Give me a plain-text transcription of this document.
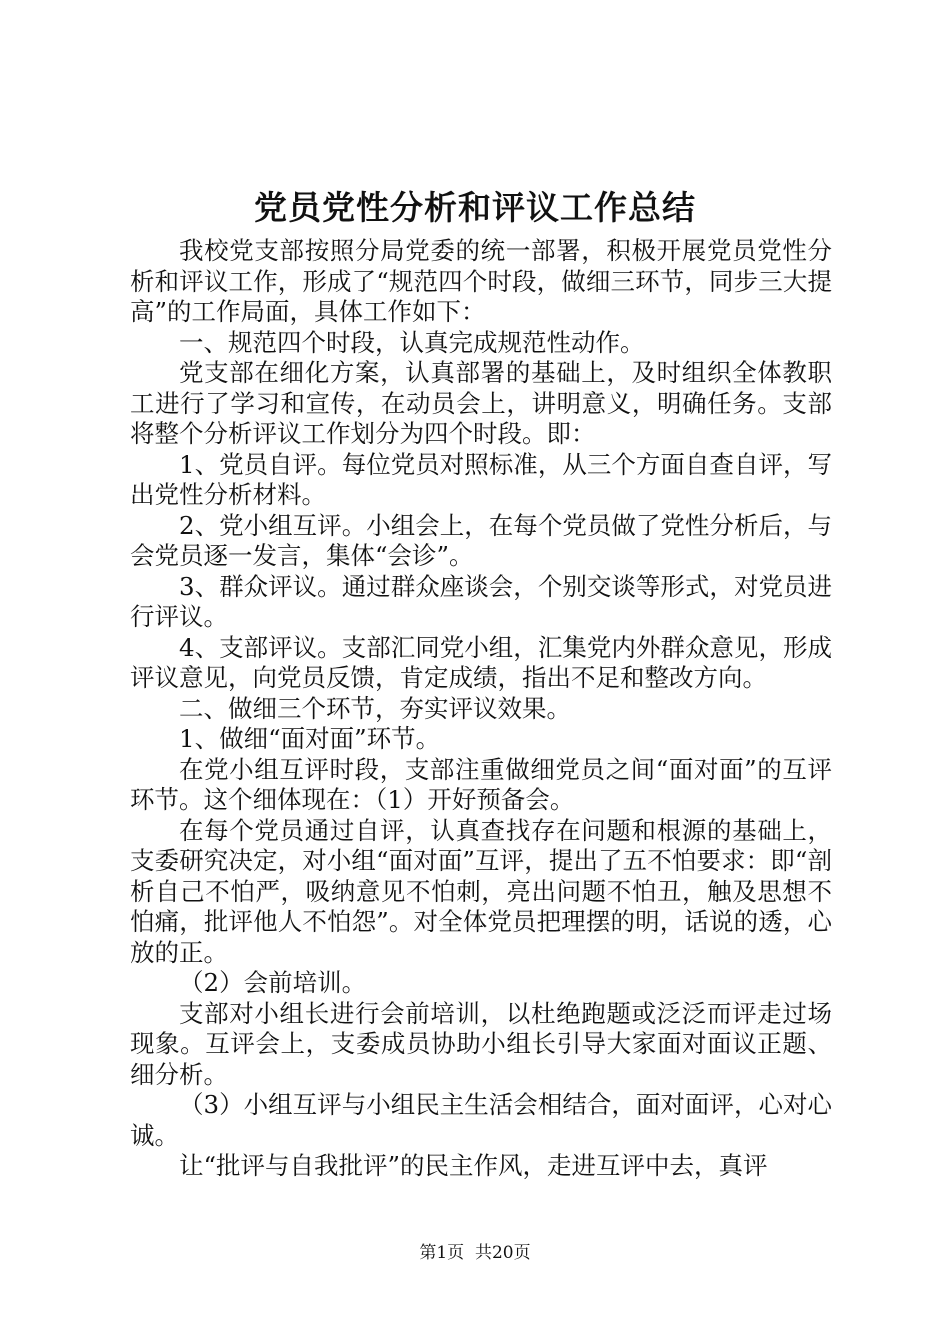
党员党性分析和评议工作总结

我校党支部按照分局党委的统一部署，积极开展党员党性分析和评议工作，形成了“规范四个时段，做细三环节，同步三大提高”的工作局面，具体工作如下：

一、规范四个时段，认真完成规范性动作。

党支部在细化方案，认真部署的基础上，及时组织全体教职工进行了学习和宣传，在动员会上，讲明意义，明确任务。支部将整个分析评议工作划分为四个时段。即：

1、党员自评。每位党员对照标准，从三个方面自查自评，写出党性分析材料。

2、党小组互评。小组会上，在每个党员做了党性分析后，与会党员逐一发言，集体“会诊”。

3、群众评议。通过群众座谈会，个别交谈等形式，对党员进行评议。

4、支部评议。支部汇同党小组，汇集党内外群众意见，形成评议意见，向党员反馈，肯定成绩，指出不足和整改方向。

二、做细三个环节，夯实评议效果。

1、做细“面对面”环节。

在党小组互评时段，支部注重做细党员之间“面对面”的互评环节。这个细体现在：（1）开好预备会。

在每个党员通过自评，认真查找存在问题和根源的基础上，支委研究决定，对小组“面对面”互评，提出了五不怕要求：即“剖析自己不怕严，吸纳意见不怕刺，亮出问题不怕丑，触及思想不怕痛，批评他人不怕怨”。对全体党员把理摆的明，话说的透，心放的正。

（2）会前培训。

支部对小组长进行会前培训，以杜绝跑题或泛泛而评走过场现象。互评会上，支委成员协助小组长引导大家面对面议正题、细分析。

（3）小组互评与小组民主生活会相结合，面对面评，心对心诚。

让“批评与自我批评”的民主作风，走进互评中去，真评

第1页  共20页
